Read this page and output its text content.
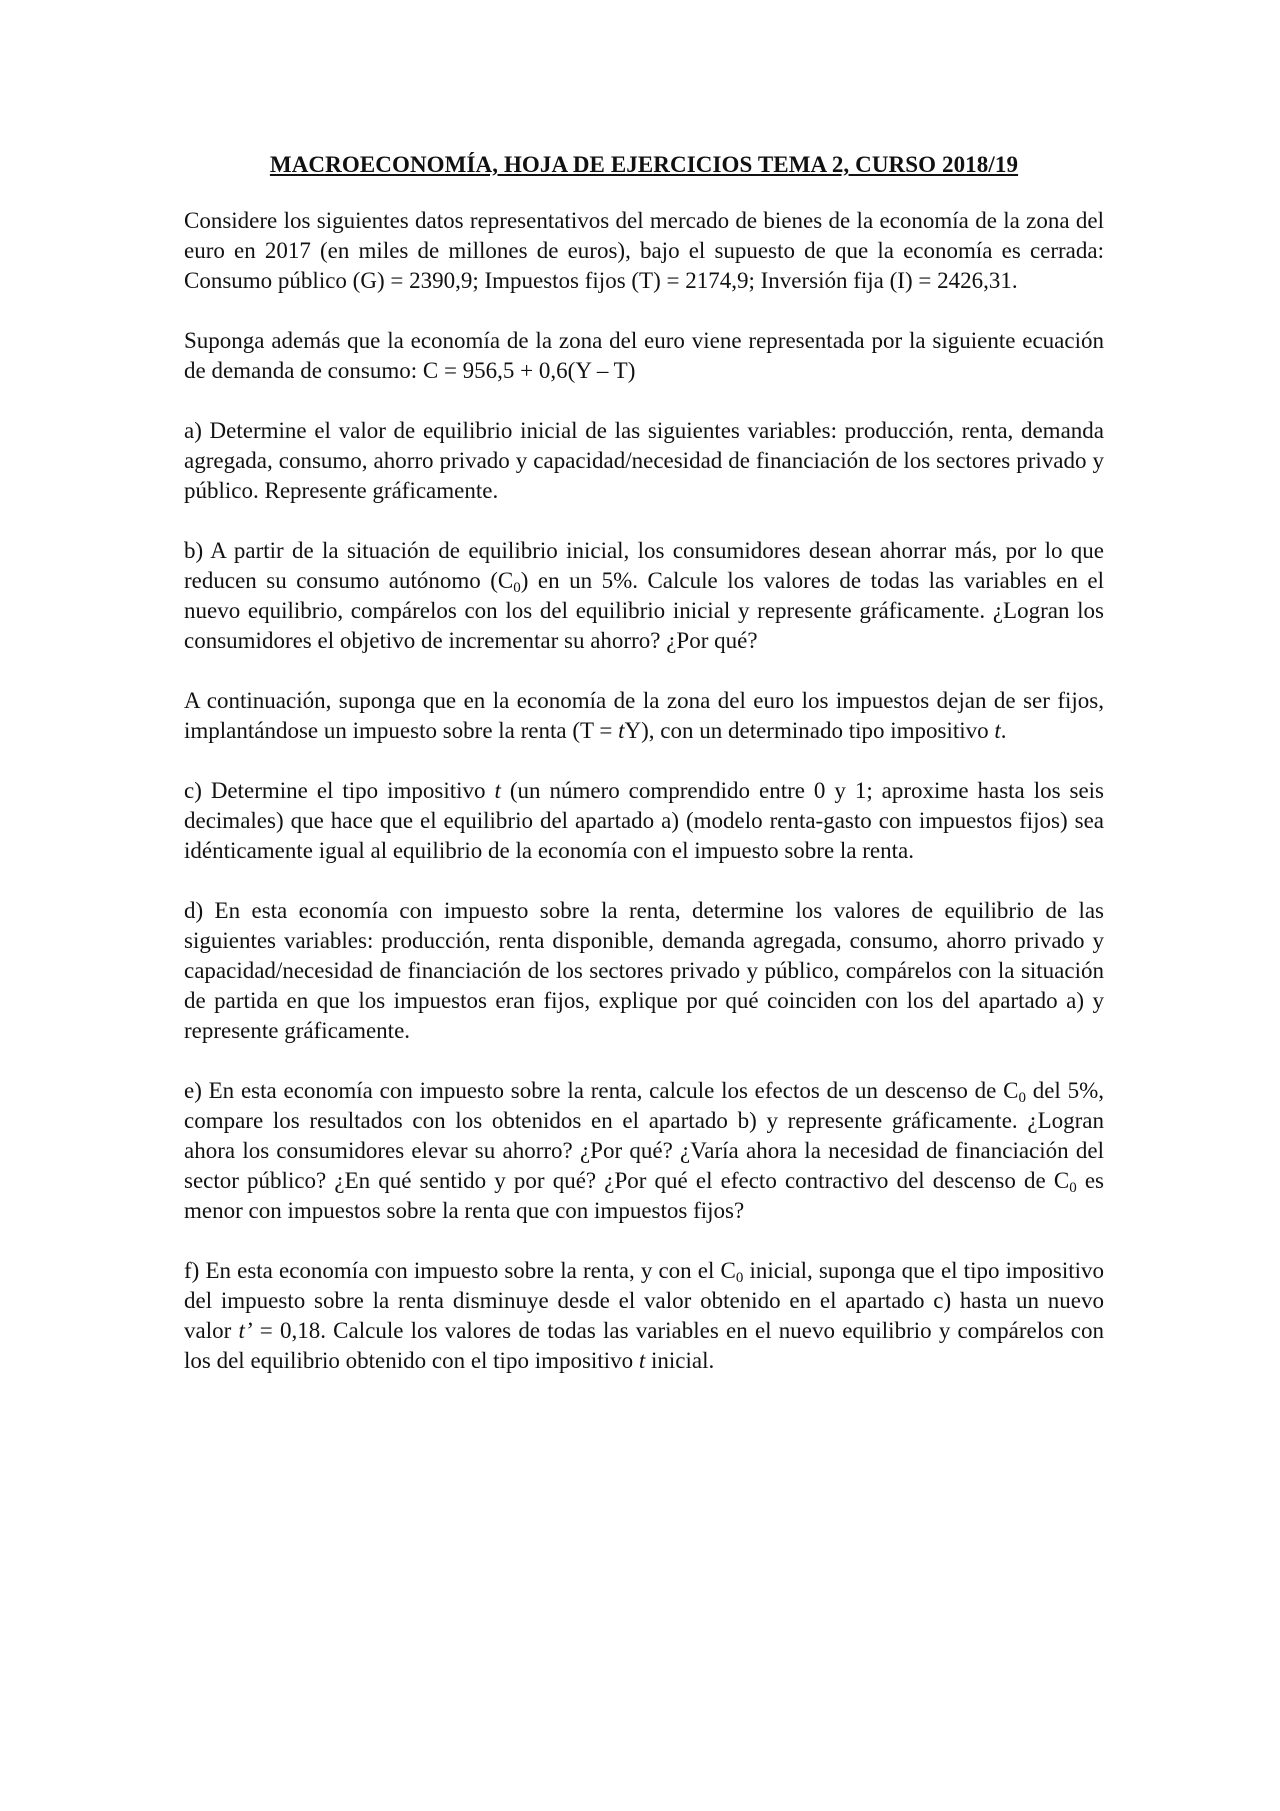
MACROECONOMÍA, HOJA DE EJERCICIOS TEMA 2, CURSO 2018/19

Considere los siguientes datos representativos del mercado de bienes de la economía de la zona del euro en 2017 (en miles de millones de euros), bajo el supuesto de que la economía es cerrada: Consumo público (G) = 2390,9; Impuestos fijos (T) = 2174,9; Inversión fija (I) = 2426,31.

Suponga además que la economía de la zona del euro viene representada por la siguiente ecuación de demanda de consumo: C = 956,5 + 0,6(Y – T)

a) Determine el valor de equilibrio inicial de las siguientes variables: producción, renta, demanda agregada, consumo, ahorro privado y capacidad/necesidad de financiación de los sectores privado y público. Represente gráficamente.

b) A partir de la situación de equilibrio inicial, los consumidores desean ahorrar más, por lo que reducen su consumo autónomo $(C_0)$ en un 5%. Calcule los valores de todas las variables en el nuevo equilibrio, compárelos con los del equilibrio inicial y represente gráficamente. ¿Logran los consumidores el objetivo de incrementar su ahorro? ¿Por qué?

A continuación, suponga que en la economía de la zona del euro los impuestos dejan de ser fijos, implantándose un impuesto sobre la renta (T = tY), con un determinado tipo impositivo t.

c) Determine el tipo impositivo t (un número comprendido entre 0 y 1; aproxime hasta los seis decimales) que hace que el equilibrio del apartado a) (modelo renta-gasto con impuestos fijos) sea idénticamente igual al equilibrio de la economía con el impuesto sobre la renta.

d) En esta economía con impuesto sobre la renta, determine los valores de equilibrio de las siguientes variables: producción, renta disponible, demanda agregada, consumo, ahorro privado y capacidad/necesidad de financiación de los sectores privado y público, compárelos con la situación de partida en que los impuestos eran fijos, explique por qué coinciden con los del apartado a) y represente gráficamente.

e) En esta economía con impuesto sobre la renta, calcule los efectos de un descenso de $C_0$ del 5%, compare los resultados con los obtenidos en el apartado b) y represente gráficamente. ¿Logran ahora los consumidores elevar su ahorro? ¿Por qué? ¿Varía ahora la necesidad de financiación del sector público? ¿En qué sentido y por qué? ¿Por qué el efecto contractivo del descenso de $C_0$ es menor con impuestos sobre la renta que con impuestos fijos?

f) En esta economía con impuesto sobre la renta, y con el $C_0$ inicial, suponga que el tipo impositivo del impuesto sobre la renta disminuye desde el valor obtenido en el apartado c) hasta un nuevo valor t’ = 0,18. Calcule los valores de todas las variables en el nuevo equilibrio y compárelos con los del equilibrio obtenido con el tipo impositivo t inicial.
